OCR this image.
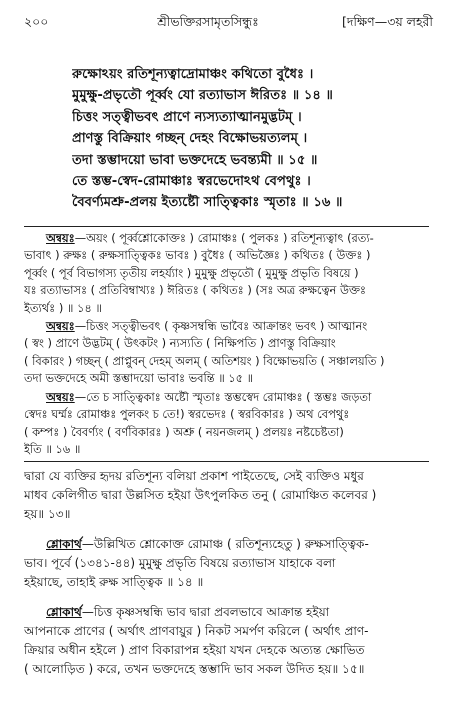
২০০	শ্রীভক্তিরসামৃতসিন্ধুঃ	[দক্ষিণ—৩য় লহরী
রুক্ষোঽয়ং রতিশূন্যত্বাদ্রোমাঞ্চং কথিতো বুধৈঃ ।
মুমুক্ষু-প্রভৃতৌ পূর্ব্বং যো রত্যাভাস ঈরিতঃ ॥ ১৪ ॥
চিত্তং সত্ত্বীভবৎ প্রাণে ন্যস্যত্যাত্মানমুদ্ভটম্ ।
প্রাণস্তু বিক্রিয়াং গচ্ছন্ দেহং বিক্ষোভয়ত্যলম্ ।
তদা স্তম্ভাদয়ো ভাবা ভক্তদেহে ভবন্ত্যমী ॥ ১৫ ॥
তে স্তম্ভ-স্বেদ-রোমাঞ্চাঃ স্বরভেদোঽথ বেপথুঃ ।
বৈবর্ণ্যমশ্রু-প্রলয় ইত্যষ্টৌ সাত্ত্বিকাঃ স্মৃতাঃ ॥ ১৬ ॥
অন্বয়ঃ—অয়ং ( পূর্ব্বশ্লোকোক্তঃ ) রোমাঞ্চঃ ( পুলকঃ ) রতিশূন্যত্বাৎ (রত্য-
ভাবাৎ ) রুক্ষঃ ( রুক্ষসাত্ত্বিকঃ ভাবঃ ) বুধৈঃ ( অভিজ্ঞৈঃ ) কথিতঃ ( উক্তঃ )
পূর্ব্বং ( পূর্ব বিভাগস্য তৃতীয় লহর্য্যাং ) মুমুক্ষু প্রভৃতৌ ( মুমুক্ষু প্রভৃতি বিষয়ে )
যঃ রত্যাভাসঃ ( প্রতিবিম্বাখ্যঃ ) ঈরিতঃ ( কথিতঃ ) (সঃ অত্র রুক্ষত্বেন উক্তঃ
ইত্যর্থঃ ) ॥ ১৪ ॥
অন্বয়ঃ—চিত্তং সত্ত্বীভবৎ ( কৃষ্ণসম্বন্ধি ভাবৈঃ আক্রান্তং ভবৎ ) আত্মানং
( স্বং ) প্রাণে উদ্ভটম্ ( উৎকটং ) ন্যস্যতি ( নিক্ষিপতি ) প্রাণস্তু বিক্রিয়াং
( বিকারং ) গচ্ছন্ ( প্রাপ্নুবন্ দেহম্ অলম্ ( অতিশয়ং ) বিক্ষোভয়তি ( সঞ্চালয়তি )
তদা ভক্তদেহে অমী স্তম্ভাদয়ো ভাবাঃ ভবন্তি ॥ ১৫ ॥
অন্বয়ঃ—তে চ সাত্ত্বিকাঃ অষ্টৌ স্মৃতাঃ স্তম্ভস্বেদ রোমাঞ্চঃ ( স্তম্ভঃ জড়তা
স্বেদঃ ঘর্ম্মঃ রোমাঞ্চঃ পুলকং চ তে!) স্বরভেদঃ ( স্বরবিকারঃ ) অথ বেপথুঃ
( কম্পঃ ) বৈবর্ণ্যং ( বর্ণবিকারঃ ) অশ্রু ( নয়নজলম্ ) প্রলয়ঃ নষ্টচেষ্টতা)
ইতি ॥ ১৬ ॥
দ্বারা যে ব্যক্তির হৃদয় রতিশূন্য বলিয়া প্রকাশ পাইতেছে, সেই ব্যক্তিও মধুর
মাধব কেলিগীত দ্বারা উল্লসিত হইয়া উৎপুলকিত তনু ( রোমাঞ্চিত কলেবর )
হয়॥ ১৩॥
শ্লোকার্থ—উল্লিখিত শ্লোকোক্ত রোমাঞ্চ ( রতিশূন্যহেতু ) রুক্ষসাত্ত্বিক-
ভাব। পূর্বে (১৩৪১-৪৪) মুমুক্ষু প্রভৃতি বিষয়ে রত্যাভাস যাহাকে বলা
হইয়াছে, তাহাই রুক্ষ সাত্ত্বিক ॥ ১৪ ॥
শ্লোকার্থ—চিত্ত কৃষ্ণসম্বন্ধি ভাব দ্বারা প্রবলভাবে আক্রান্ত হইয়া
আপনাকে প্রাণের ( অর্থাৎ প্রাণবায়ুর ) নিকট সমর্পণ করিলে ( অর্থাৎ প্রাণ-
ক্রিয়ার অধীন হইলে ) প্রাণ বিকারাপন্ন হইয়া যখন দেহকে অত্যন্ত ক্ষোভিত
( আলোড়িত ) করে, তখন ভক্তদেহে স্তম্ভাদি ভাব সকল উদিত হয়॥ ১৫॥
